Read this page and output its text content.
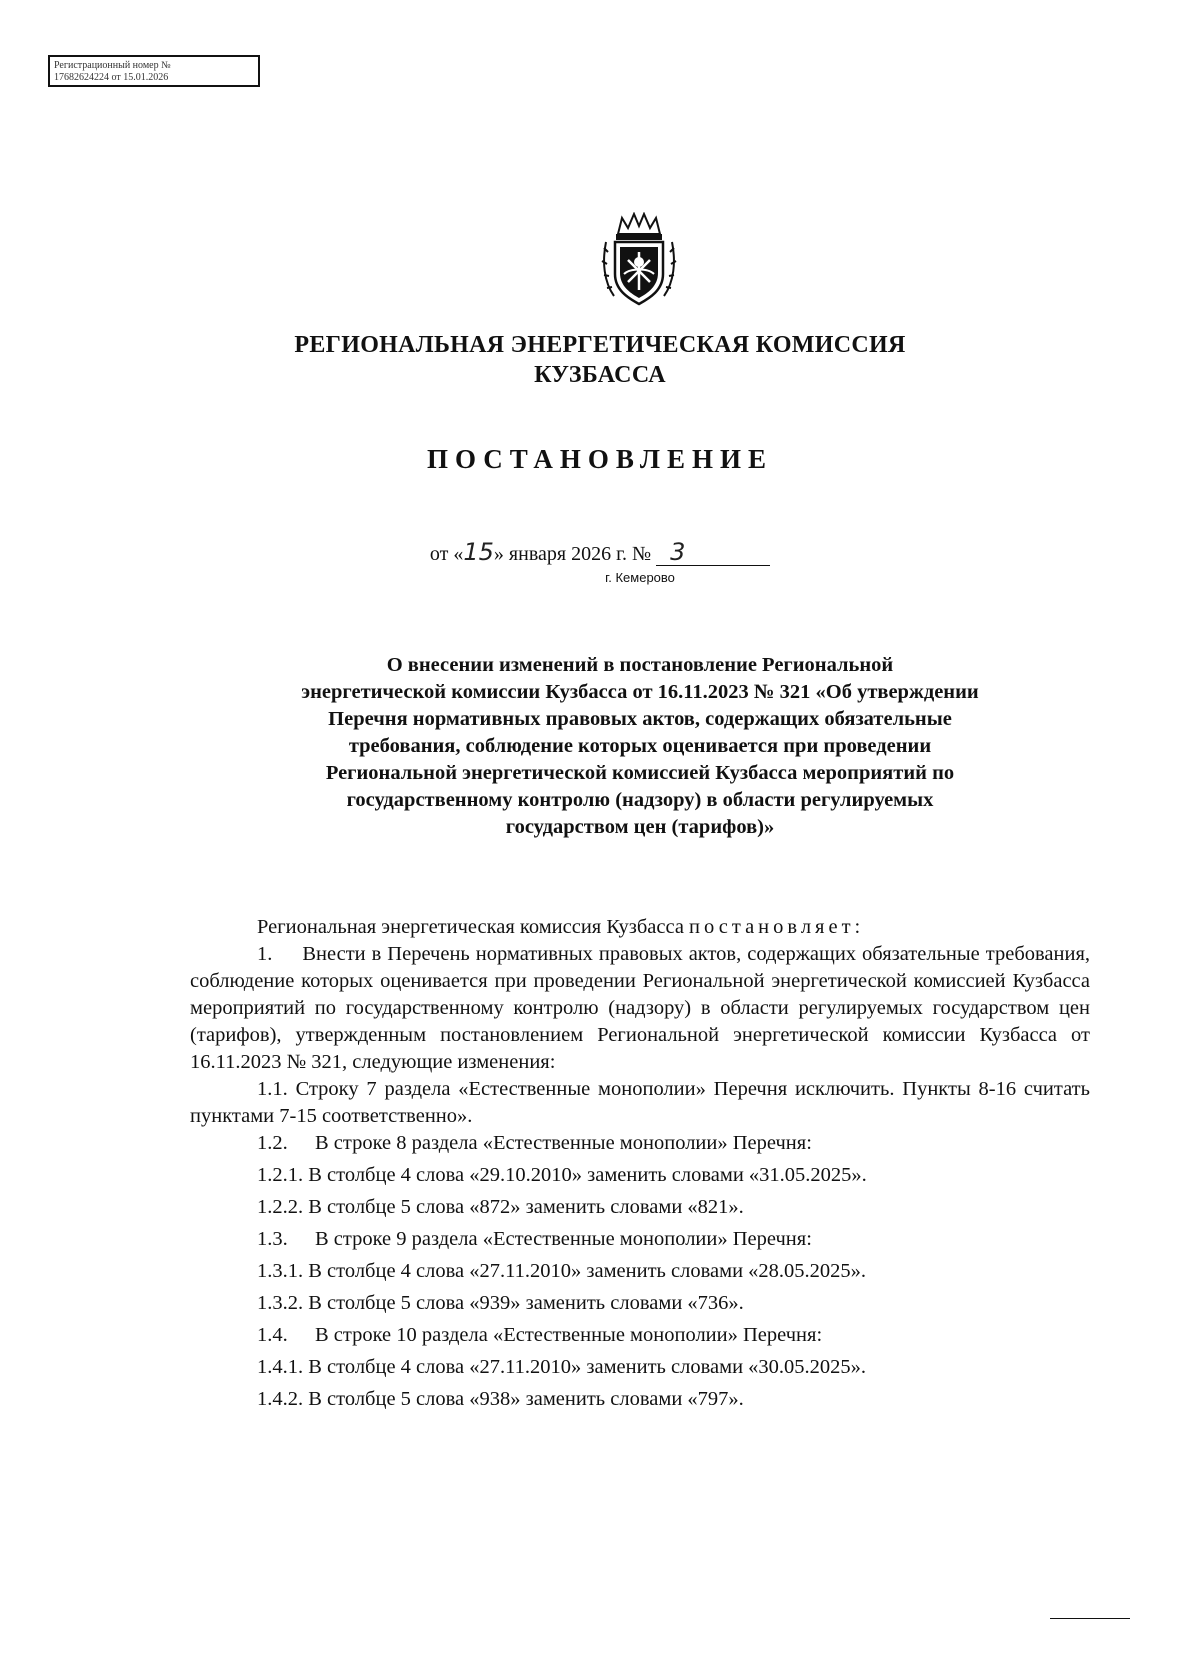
Регистрационный номер №
17682624224 от 15.01.2026
РЕГИОНАЛЬНАЯ ЭНЕРГЕТИЧЕСКАЯ КОМИССИЯ
КУЗБАССА
ПОСТАНОВЛЕНИЕ
от «15» января 2026 г. № 3
г. Кемерово
О внесении изменений в постановление Региональной
энергетической комиссии Кузбасса от 16.11.2023 № 321 «Об утверждении
Перечня нормативных правовых актов, содержащих обязательные
требования, соблюдение которых оценивается при проведении
Региональной энергетической комиссией Кузбасса мероприятий по
государственному контролю (надзору) в области регулируемых
государством цен (тарифов)»

Региональная энергетическая комиссия Кузбасса постановляет:

1. Внести в Перечень нормативных правовых актов, содержащих обязательные требования, соблюдение которых оценивается при проведении Региональной энергетической комиссией Кузбасса мероприятий по государственному контролю (надзору) в области регулируемых государством цен (тарифов), утвержденным постановлением Региональной энергетической комиссии Кузбасса от 16.11.2023 № 321, следующие изменения:

1.1. Строку 7 раздела «Естественные монополии» Перечня исключить. Пункты 8-16 считать пунктами 7-15 соответственно».

1.2. В строке 8 раздела «Естественные монополии» Перечня:

1.2.1. В столбце 4 слова «29.10.2010» заменить словами «31.05.2025».

1.2.2. В столбце 5 слова «872» заменить словами «821».

1.3. В строке 9 раздела «Естественные монополии» Перечня:

1.3.1. В столбце 4 слова «27.11.2010» заменить словами «28.05.2025».

1.3.2. В столбце 5 слова «939» заменить словами «736».

1.4. В строке 10 раздела «Естественные монополии» Перечня:

1.4.1. В столбце 4 слова «27.11.2010» заменить словами «30.05.2025».

1.4.2. В столбце 5 слова «938» заменить словами «797».
